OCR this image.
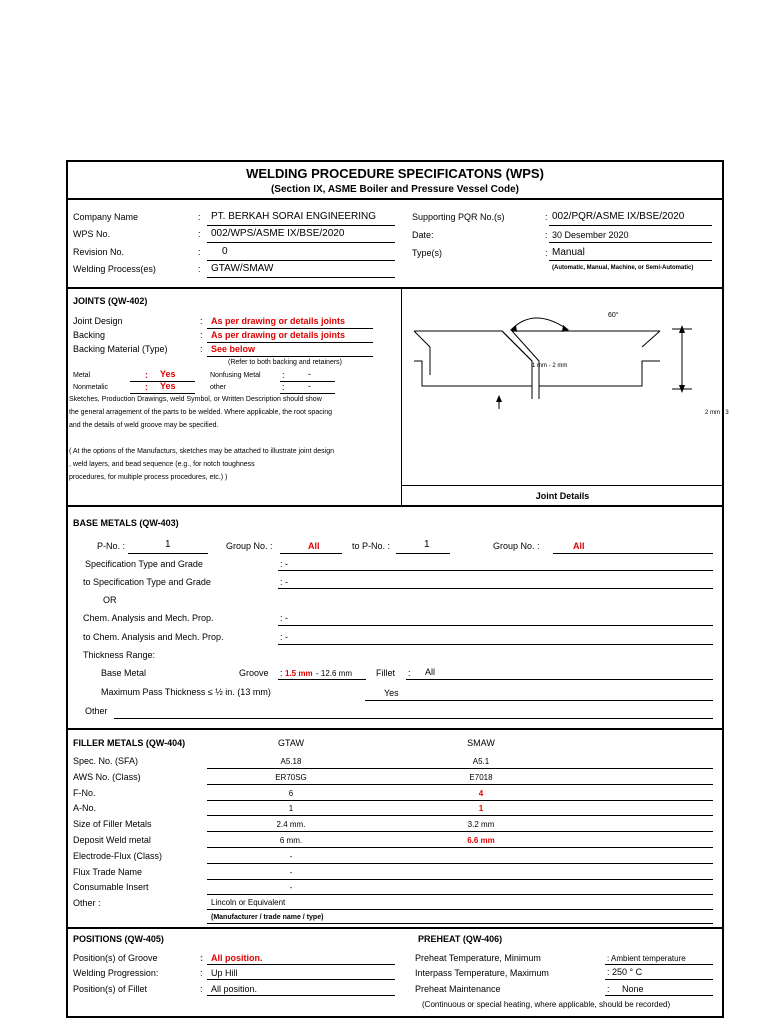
WELDING PROCEDURE SPECIFICATONS (WPS)
(Section IX, ASME Boiler and Pressure Vessel Code)
Company Name	: PT. BERKAH SORAI ENGINEERING
WPS No.	: 002/WPS/ASME IX/BSE/2020
Revision No.	: 0
Welding Process(es)	: GTAW/SMAW
Supporting PQR No.(s)	: 002/PQR/ASME IX/BSE/2020
Date:	: 30 Desember 2020
Type(s)	: Manual
(Automatic, Manual, Machine, or Semi-Automatic)
JOINTS (QW-402)
Joint Design	: As per drawing or details joints
Backing	: As per drawing or details joints
Backing Material (Type)	: See below
(Refer to both backing and retainers)
Metal	: Yes	Nonfusing Metal :	-
Nonmetalic	: Yes	other	:	-
Sketches, Production Drawings, weld Symbol, or Written Description should show
the general arragement of the parts to be welded. Where applicable, the root spacing
and the details of weld groove may be specified.
( At the options of the Manufacturs, sketches may be attached to illustrate joint design
, weld layers, and bead sequence (e.g., for notch toughness
procedures, for multiple process procedures, etc.) )
60°
1 mm - 2 mm
2 mm - 3
Joint Details
BASE METALS (QW-403)
P-No. :	1	Group No. :	All	to P-No. :	1	Group No. :	All
Specification Type and Grade	: -
to Specification Type and Grade	: -
OR
Chem. Analysis and Mech. Prop.	: -
to Chem. Analysis and Mech. Prop.	: -
Thickness Range:
Base Metal	Groove : 1.5 mm - 12.6 mm	Fillet : All
Maximum Pass Thickness ≤ ½ in. (13 mm)	Yes
Other
FILLER METALS (QW-404)	GTAW	SMAW
Spec. No. (SFA)	A5.18	A5.1
AWS No. (Class)	ER70SG	E7018
F-No.	6	4
A-No.	1	1
Size of Filler Metals	2.4 mm.	3.2 mm
Deposit Weld metal	6 mm.	6.6 mm
Electrode-Flux (Class)	-
Flux Trade Name	-
Consumable Insert	-
Other :	Lincoln or Equivalent
(Manufacturer / trade name / type)
POSITIONS (QW-405)	PREHEAT (QW-406)
Position(s) of Groove	: All position.
Welding Progression:	: Up Hill
Position(s) of Fillet	: All position.
Preheat Temperature, Minimum	: Ambient temperature
Interpass Temperature, Maximum	: 250 ° C
Preheat Maintenance	: None
(Continuous or special heating, where applicable, should be recorded)
